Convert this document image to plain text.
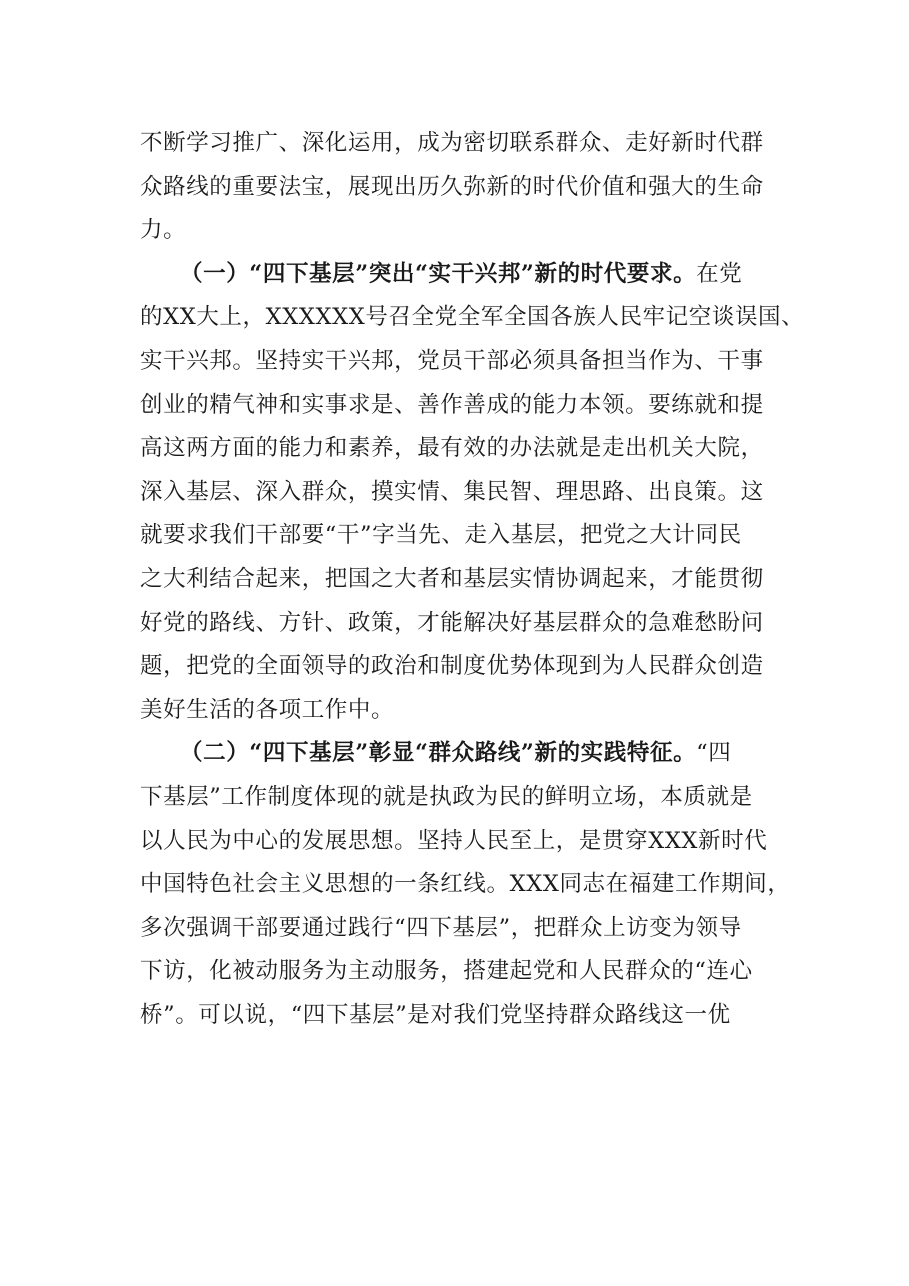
不断学习推广、深化运用，成为密切联系群众、走好新时代群
众路线的重要法宝，展现出历久弥新的时代价值和强大的生命
力。
（一）“四下基层”突出“实干兴邦”新的时代要求。在党
的XX大上，XXXXXX号召全党全军全国各族人民牢记空谈误国、
实干兴邦。坚持实干兴邦，党员干部必须具备担当作为、干事
创业的精气神和实事求是、善作善成的能力本领。要练就和提
高这两方面的能力和素养，最有效的办法就是走出机关大院，
深入基层、深入群众，摸实情、集民智、理思路、出良策。这
就要求我们干部要“干”字当先、走入基层，把党之大计同民
之大利结合起来，把国之大者和基层实情协调起来，才能贯彻
好党的路线、方针、政策，才能解决好基层群众的急难愁盼问
题，把党的全面领导的政治和制度优势体现到为人民群众创造
美好生活的各项工作中。
（二）“四下基层”彰显“群众路线”新的实践特征。“四
下基层”工作制度体现的就是执政为民的鲜明立场，本质就是
以人民为中心的发展思想。坚持人民至上，是贯穿XXX新时代
中国特色社会主义思想的一条红线。XXX同志在福建工作期间，
多次强调干部要通过践行“四下基层”，把群众上访变为领导
下访，化被动服务为主动服务，搭建起党和人民群众的“连心
桥”。可以说，“四下基层”是对我们党坚持群众路线这一优
